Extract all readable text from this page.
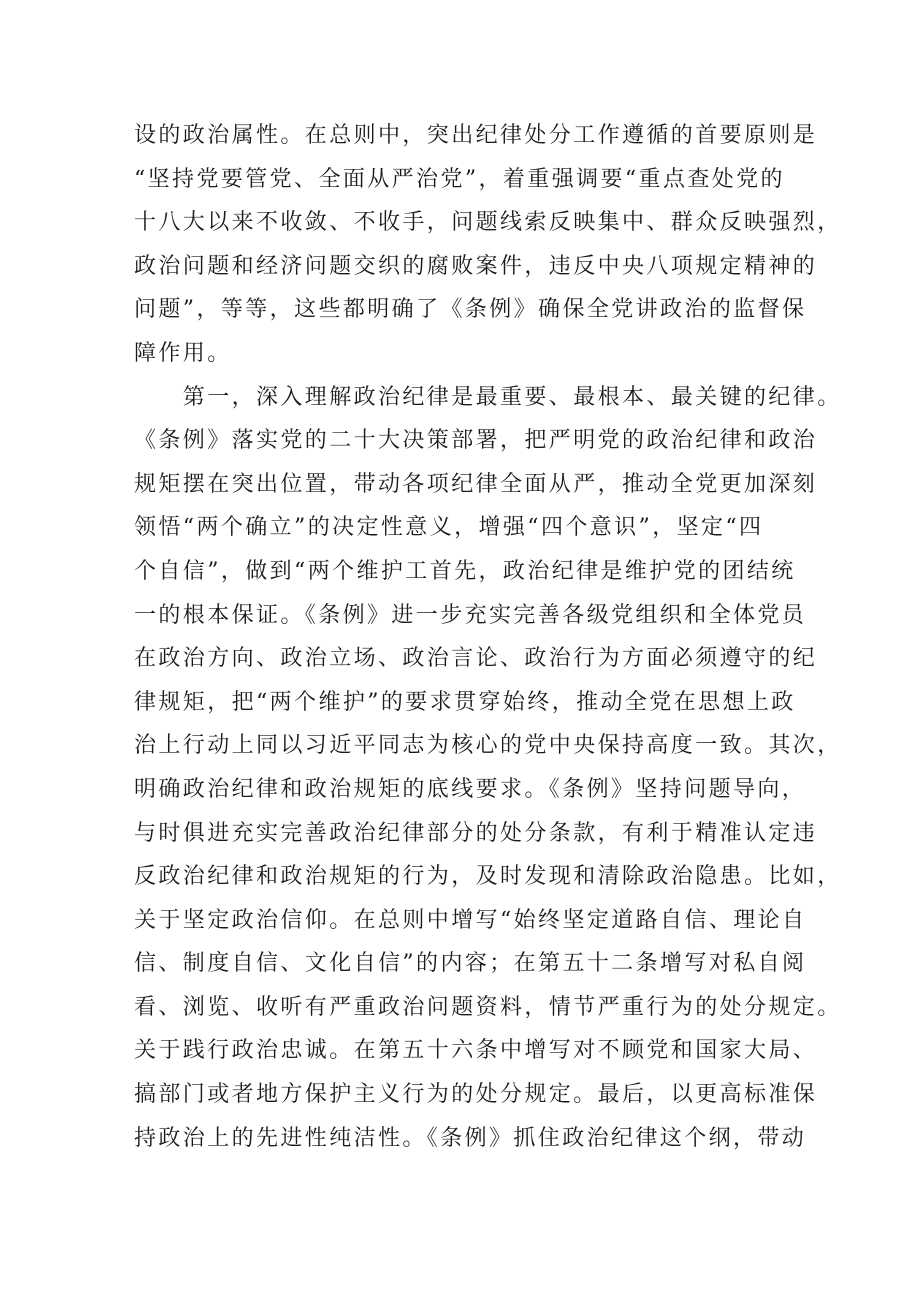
设的政治属性。在总则中，突出纪律处分工作遵循的首要原则是
“坚持党要管党、全面从严治党”，着重强调要“重点查处党的
十八大以来不收敛、不收手，问题线索反映集中、群众反映强烈，
政治问题和经济问题交织的腐败案件，违反中央八项规定精神的
问题”，等等，这些都明确了《条例》确保全党讲政治的监督保
障作用。
　　第一，深入理解政治纪律是最重要、最根本、最关键的纪律。
《条例》落实党的二十大决策部署，把严明党的政治纪律和政治
规矩摆在突出位置，带动各项纪律全面从严，推动全党更加深刻
领悟“两个确立”的决定性意义，增强“四个意识”，坚定“四
个自信”，做到“两个维护工首先，政治纪律是维护党的团结统
一的根本保证。《条例》进一步充实完善各级党组织和全体党员
在政治方向、政治立场、政治言论、政治行为方面必须遵守的纪
律规矩，把“两个维护”的要求贯穿始终，推动全党在思想上政
治上行动上同以习近平同志为核心的党中央保持高度一致。其次，
明确政治纪律和政治规矩的底线要求。《条例》坚持问题导向，
与时俱进充实完善政治纪律部分的处分条款，有利于精准认定违
反政治纪律和政治规矩的行为，及时发现和清除政治隐患。比如，
关于坚定政治信仰。在总则中增写“始终坚定道路自信、理论自
信、制度自信、文化自信”的内容；在第五十二条增写对私自阅
看、浏览、收听有严重政治问题资料，情节严重行为的处分规定。
关于践行政治忠诚。在第五十六条中增写对不顾党和国家大局、
搞部门或者地方保护主义行为的处分规定。最后，以更高标准保
持政治上的先进性纯洁性。《条例》抓住政治纪律这个纲，带动
